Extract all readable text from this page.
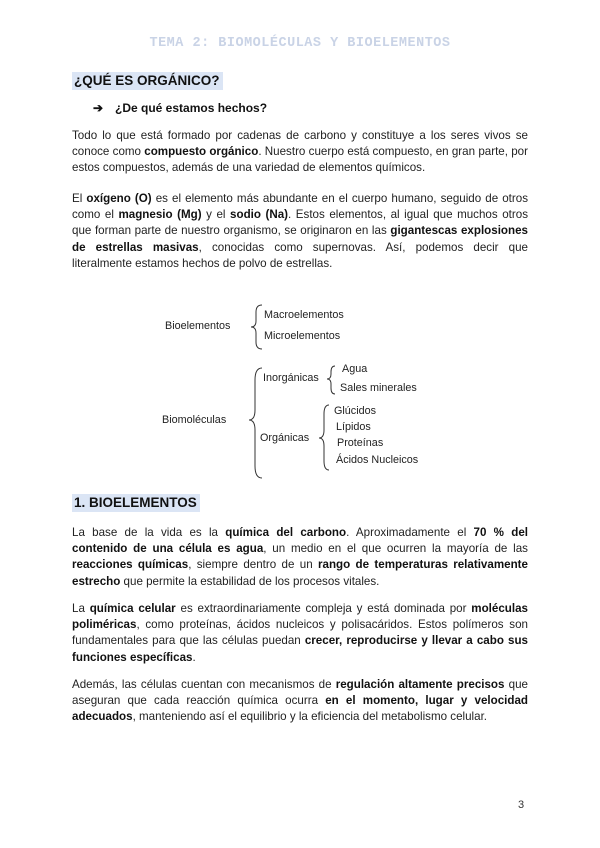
TEMA 2: BIOMOLÉCULAS Y BIOELEMENTOS
¿QUÉ ES ORGÁNICO?
➔ ¿De qué estamos hechos?

Todo lo que está formado por cadenas de carbono y constituye a los seres vivos se conoce como compuesto orgánico. Nuestro cuerpo está compuesto, en gran parte, por estos compuestos, además de una variedad de elementos químicos.

El oxígeno (O) es el elemento más abundante en el cuerpo humano, seguido de otros como el magnesio (Mg) y el sodio (Na). Estos elementos, al igual que muchos otros que forman parte de nuestro organismo, se originaron en las gigantescas explosiones de estrellas masivas, conocidas como supernovas. Así, podemos decir que literalmente estamos hechos de polvo de estrellas.

Bioelementos
Macroelementos
Microelementos
Biomoléculas
Inorgánicas
Agua
Sales minerales
Orgánicas
Glúcidos
Lípidos
Proteínas
Ácidos Nucleicos
1. BIOELEMENTOS

La base de la vida es la química del carbono. Aproximadamente el 70 % del contenido de una célula es agua, un medio en el que ocurren la mayoría de las reacciones químicas, siempre dentro de un rango de temperaturas relativamente estrecho que permite la estabilidad de los procesos vitales.

La química celular es extraordinariamente compleja y está dominada por moléculas poliméricas, como proteínas, ácidos nucleicos y polisacáridos. Estos polímeros son fundamentales para que las células puedan crecer, reproducirse y llevar a cabo sus funciones específicas.

Además, las células cuentan con mecanismos de regulación altamente precisos que aseguran que cada reacción química ocurra en el momento, lugar y velocidad adecuados, manteniendo así el equilibrio y la eficiencia del metabolismo celular.

3
